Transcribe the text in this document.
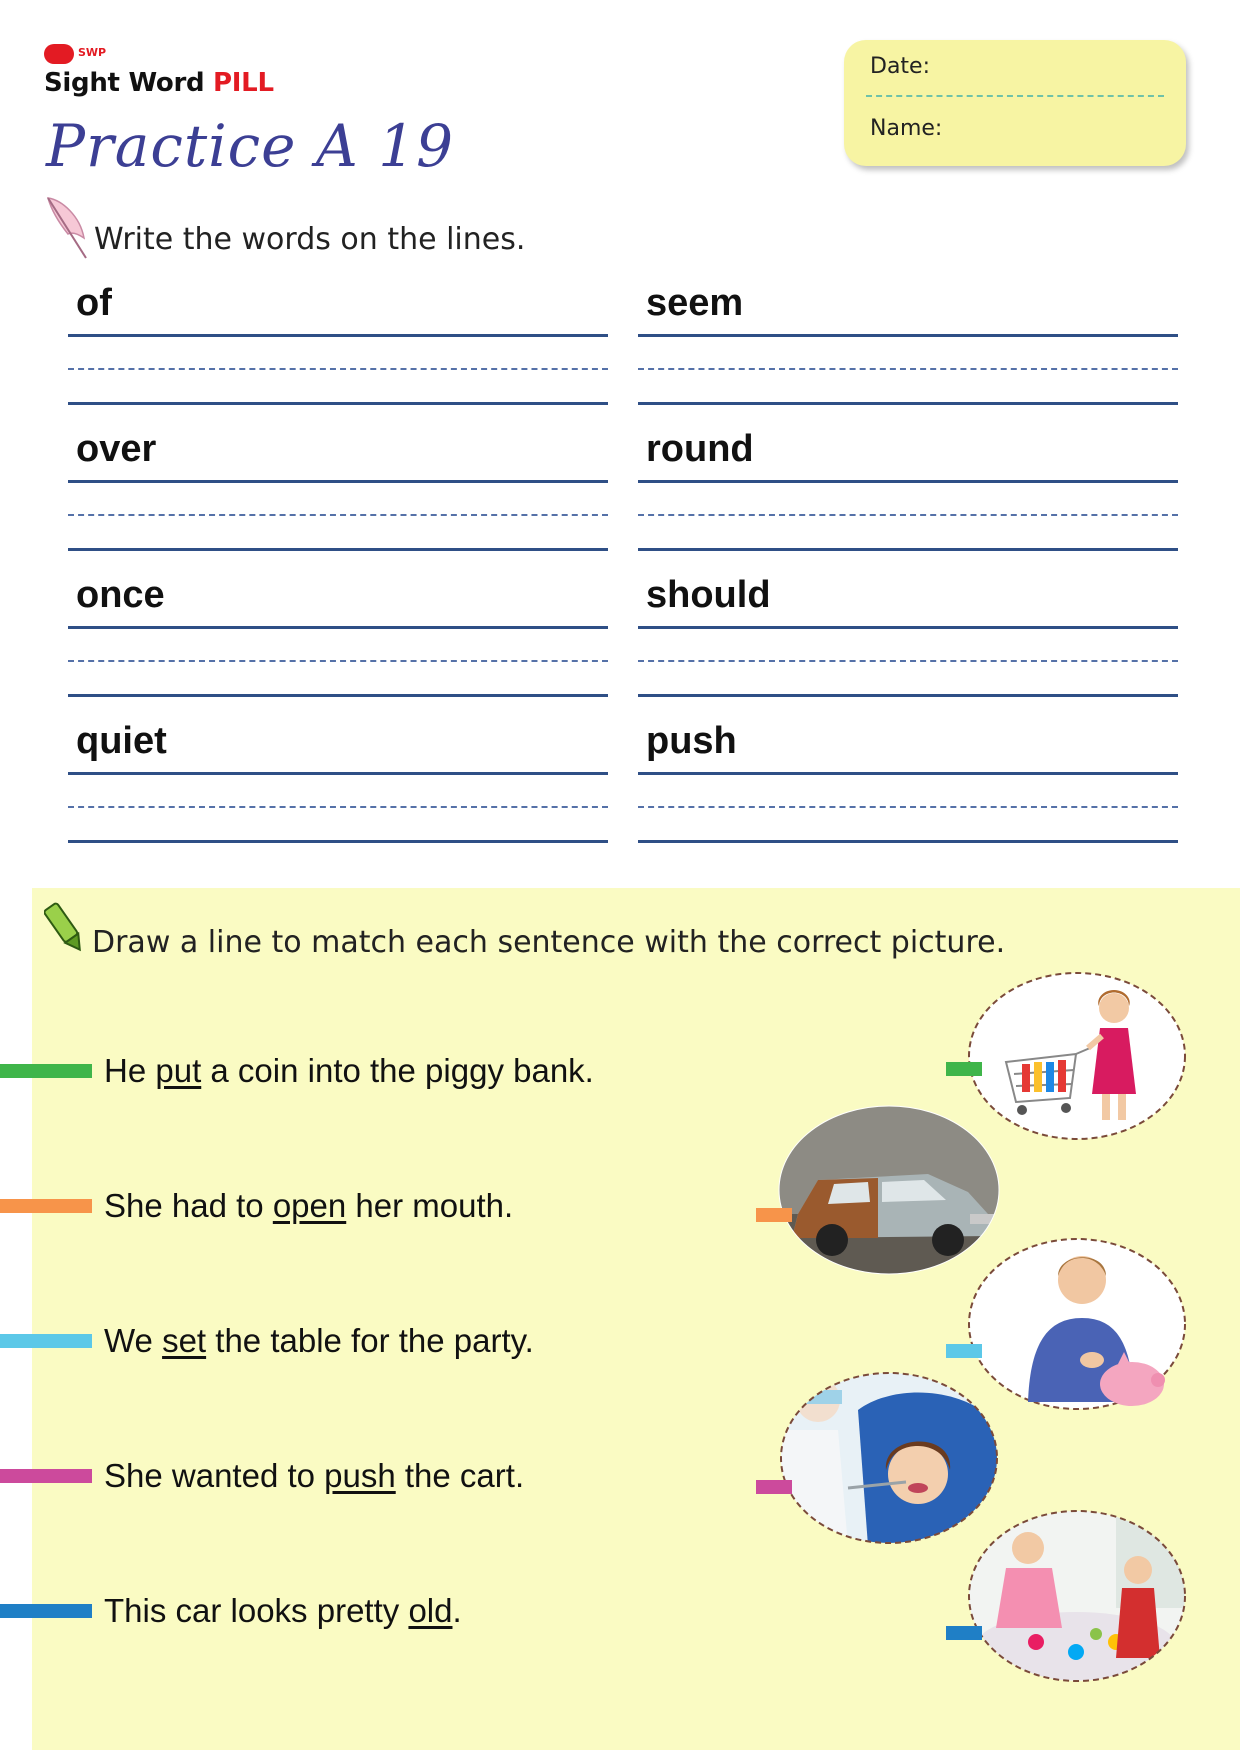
SWP
Sight Word PILL
Practice A 19
Date:
Name:
Write the words on the lines.
of	seem
over	round
once	should
quiet	push
Draw a line to match each sentence with the correct picture.
He put a coin into the piggy bank.
She had to open her mouth.
We set the table for the party.
She wanted to push the cart.
This car looks pretty old.
